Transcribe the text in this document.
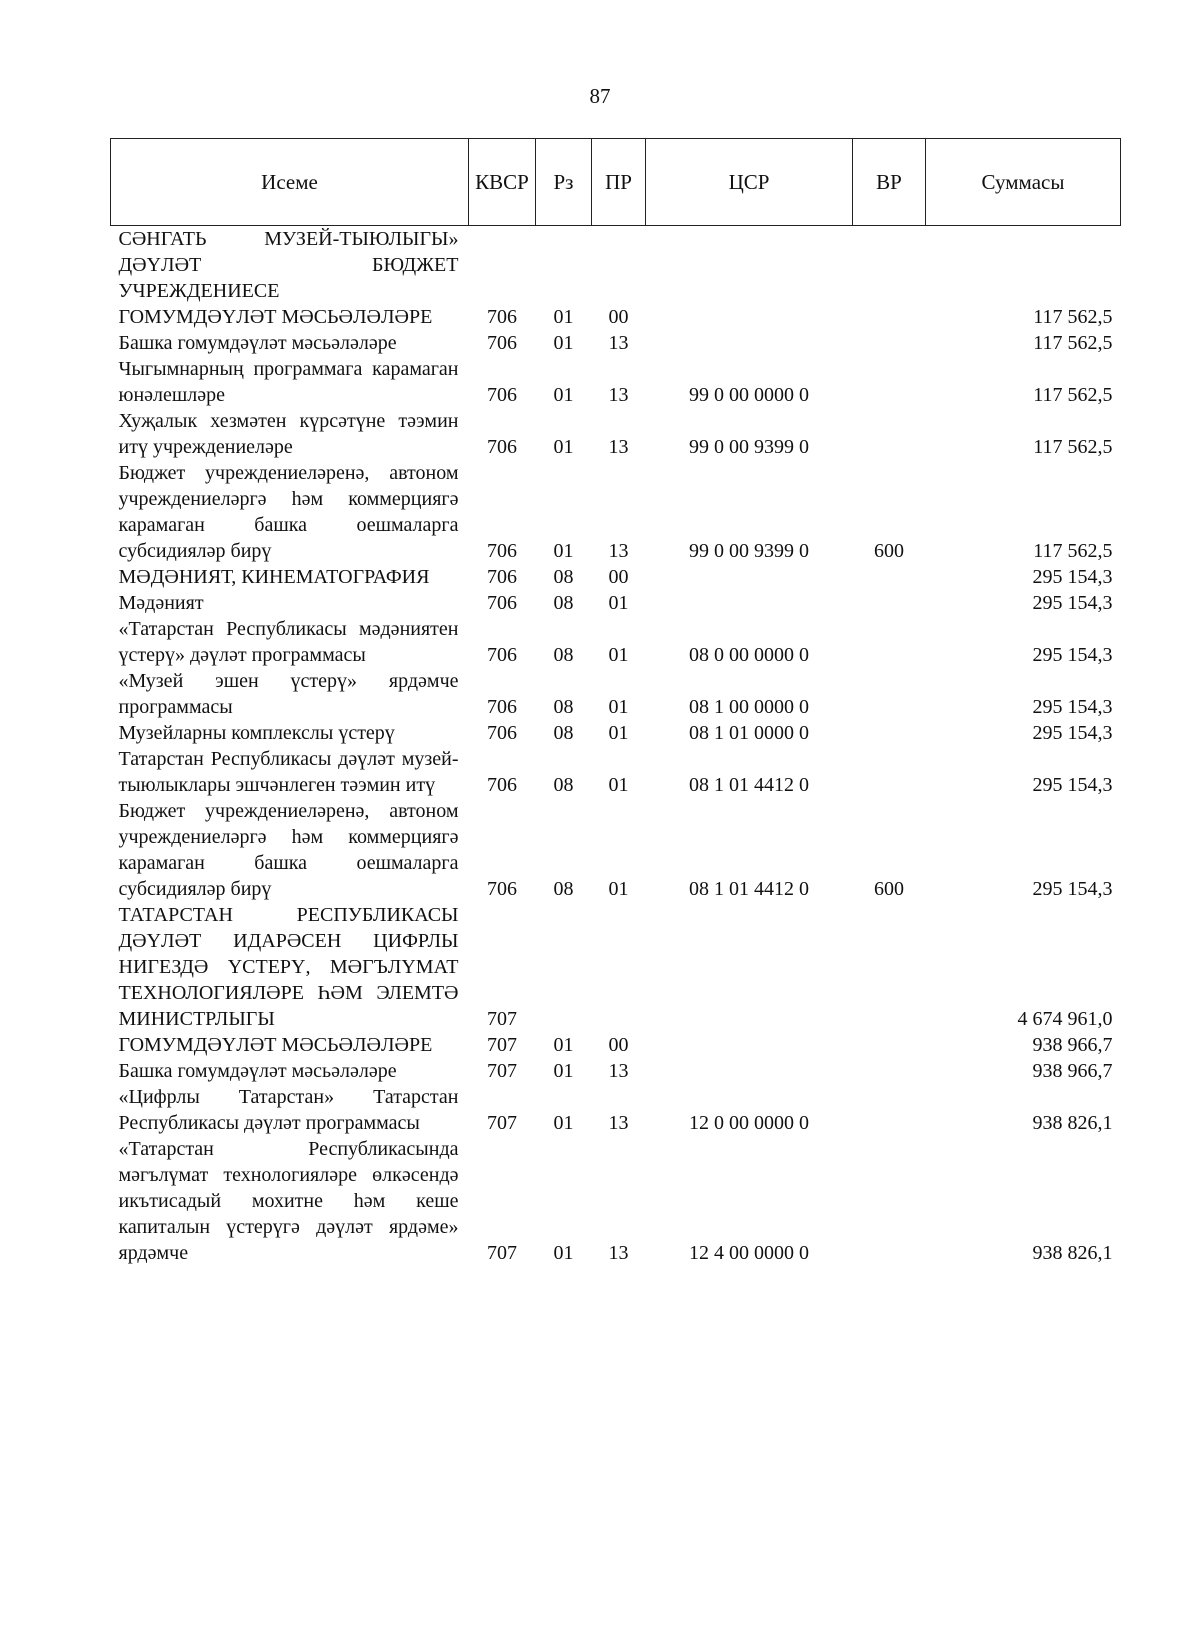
87
Исеме	КВСР	Рз	ПР	ЦСР	ВР	Суммасы
СӘНГАТЬ МУЗЕЙ-ТЫЮЛЫГЫ» ДӘҮЛӘТ БЮДЖЕТ УЧРЕЖДЕНИЕСЕ						
ГОМУМДӘҮЛӘТ МӘСЬӘЛӘЛӘРЕ	706	01	00			117 562,5
Башка гомумдәүләт мәсьәләләре	706	01	13			117 562,5
Чыгымнарның программага карамаган юнәлешләре	706	01	13	99 0 00 0000 0		117 562,5
Хуҗалык хезмәтен күрсәтүне тәэмин итү учреждениеләре	706	01	13	99 0 00 9399 0		117 562,5
Бюджет учреждениеләренә, автоном учреждениеләргә һәм коммерциягә карамаган башка оешмаларга субсидияләр бирү	706	01	13	99 0 00 9399 0	600	117 562,5
МӘДӘНИЯТ, КИНЕМАТОГРАФИЯ	706	08	00			295 154,3
Мәдәният	706	08	01			295 154,3
«Татарстан Республикасы мәдәниятен үстерү» дәүләт программасы	706	08	01	08 0 00 0000 0		295 154,3
«Музей эшен үстерү» ярдәмче программасы	706	08	01	08 1 00 0000 0		295 154,3
Музейларны комплекслы үстерү	706	08	01	08 1 01 0000 0		295 154,3
Татарстан Республикасы дәүләт музей-тыюлыклары эшчәнлеген тәэмин итү	706	08	01	08 1 01 4412 0		295 154,3
Бюджет учреждениеләренә, автоном учреждениеләргә һәм коммерциягә карамаган башка оешмаларга субсидияләр бирү	706	08	01	08 1 01 4412 0	600	295 154,3
ТАТАРСТАН РЕСПУБЛИКАСЫ ДӘҮЛӘТ ИДАРӘСЕН ЦИФРЛЫ НИГЕЗДӘ ҮСТЕРҮ, МӘГЪЛҮМАТ ТЕХНОЛОГИЯЛӘРЕ ҺӘМ ЭЛЕМТӘ МИНИСТРЛЫГЫ	707					4 674 961,0
ГОМУМДӘҮЛӘТ МӘСЬӘЛӘЛӘРЕ	707	01	00			938 966,7
Башка гомумдәүләт мәсьәләләре	707	01	13			938 966,7
«Цифрлы Татарстан» Татарстан Республикасы дәүләт программасы	707	01	13	12 0 00 0000 0		938 826,1
«Татарстан Республикасында мәгълүмат технологияләре өлкәсендә икътисадый мохитне һәм кеше капиталын үстерүгә дәүләт ярдәме» ярдәмче	707	01	13	12 4 00 0000 0		938 826,1
